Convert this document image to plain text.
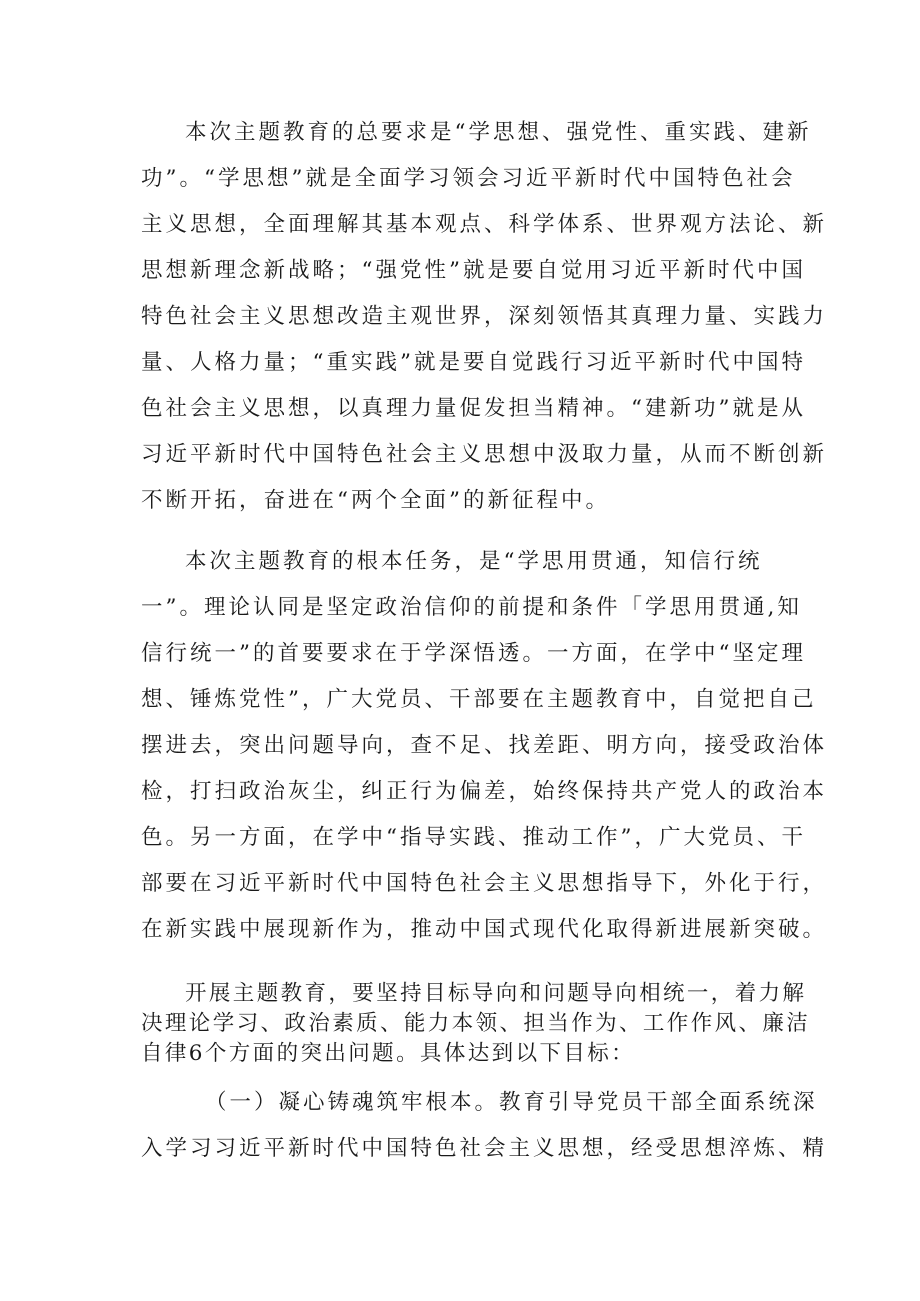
本次主题教育的总要求是“学思想、强党性、重实践、建新
功”。“学思想”就是全面学习领会习近平新时代中国特色社会
主义思想，全面理解其基本观点、科学体系、世界观方法论、新
思想新理念新战略；“强党性”就是要自觉用习近平新时代中国
特色社会主义思想改造主观世界，深刻领悟其真理力量、实践力
量、人格力量；“重实践”就是要自觉践行习近平新时代中国特
色社会主义思想，以真理力量促发担当精神。“建新功”就是从
习近平新时代中国特色社会主义思想中汲取力量，从而不断创新
不断开拓，奋进在“两个全面”的新征程中。
本次主题教育的根本任务，是“学思用贯通，知信行统
一”。理论认同是坚定政治信仰的前提和条件「学思用贯通,知
信行统一”的首要要求在于学深悟透。一方面，在学中“坚定理
想、锤炼党性”，广大党员、干部要在主题教育中，自觉把自己
摆进去，突出问题导向，查不足、找差距、明方向，接受政治体
检，打扫政治灰尘，纠正行为偏差，始终保持共产党人的政治本
色。另一方面，在学中“指导实践、推动工作”，广大党员、干
部要在习近平新时代中国特色社会主义思想指导下，外化于行，
在新实践中展现新作为，推动中国式现代化取得新进展新突破。
开展主题教育，要坚持目标导向和问题导向相统一，着力解
决理论学习、政治素质、能力本领、担当作为、工作作风、廉洁
自律6个方面的突出问题。具体达到以下目标：
（一）凝心铸魂筑牢根本。教育引导党员干部全面系统深
入学习习近平新时代中国特色社会主义思想，经受思想淬炼、精
